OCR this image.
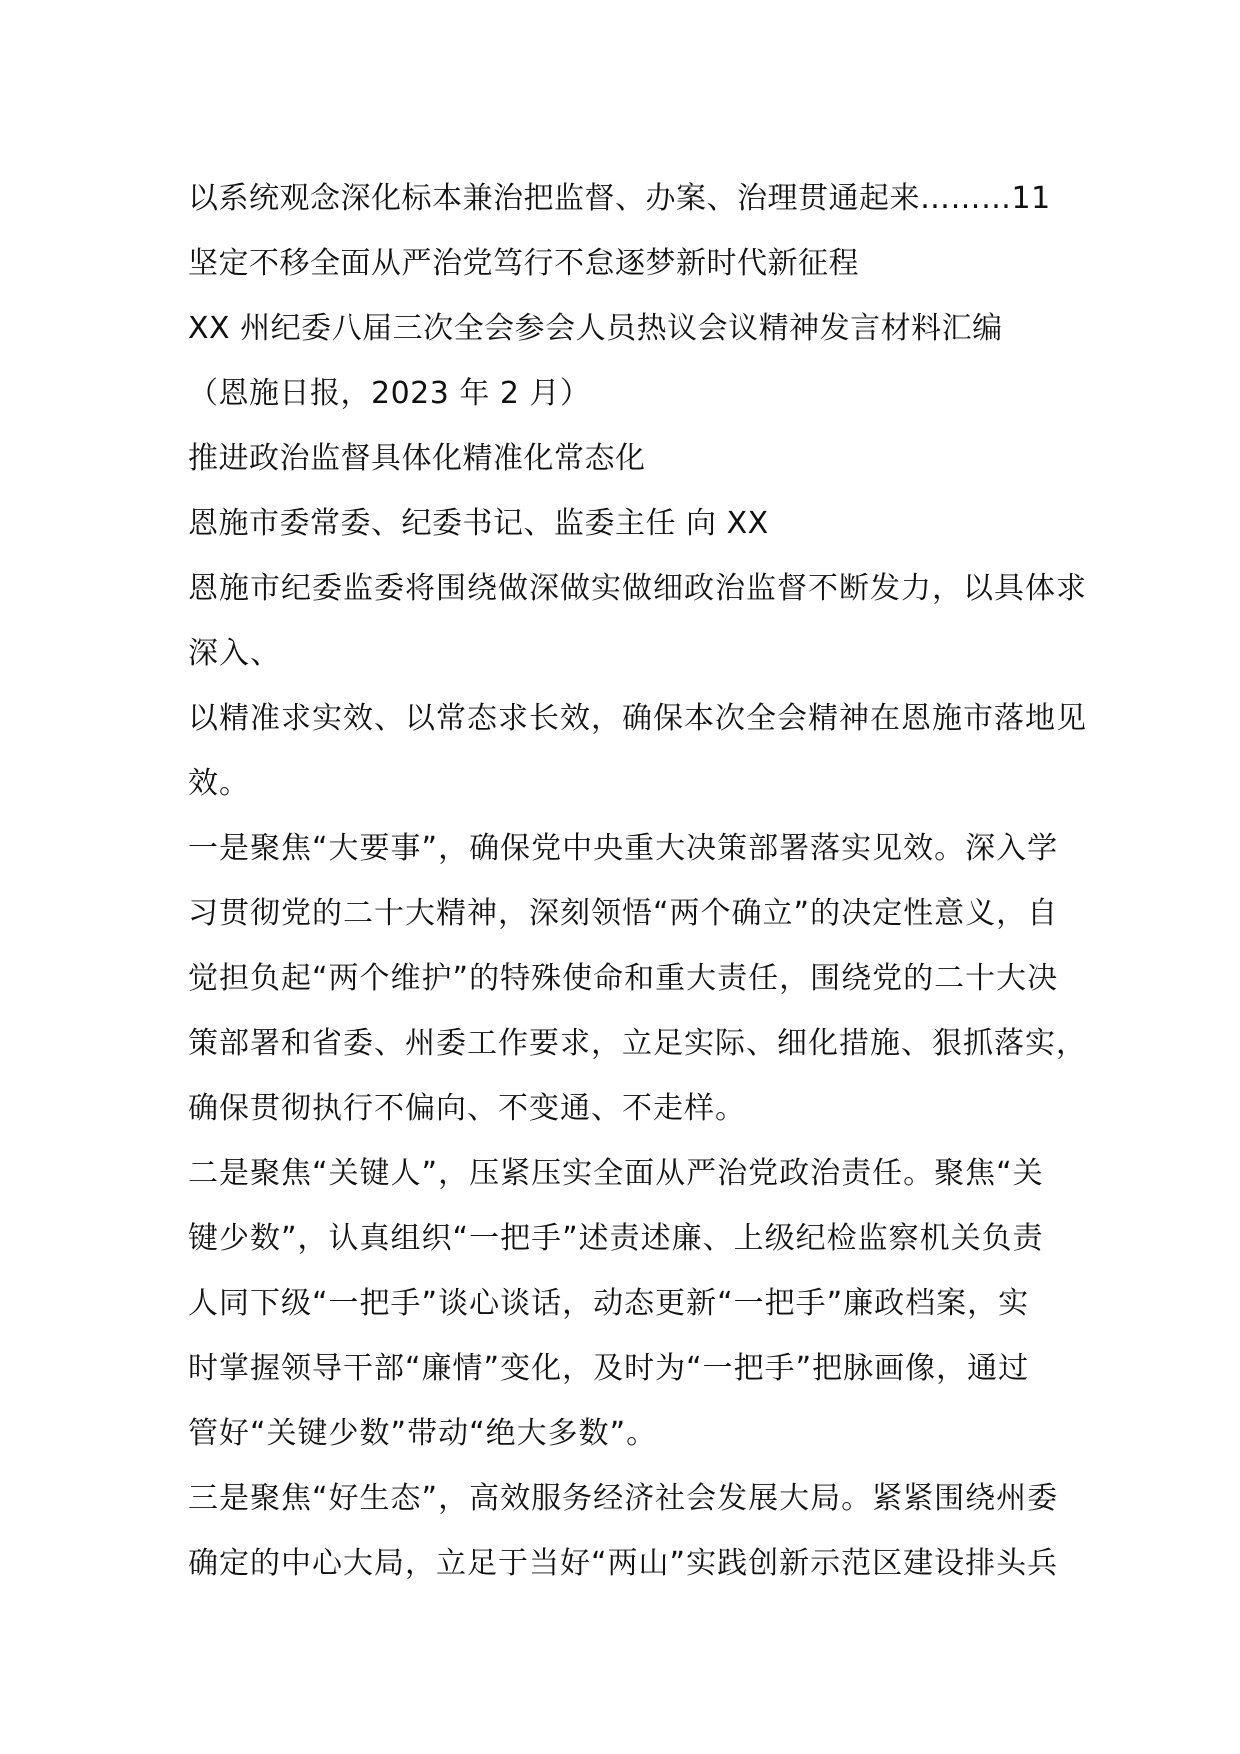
以系统观念深化标本兼治把监督、办案、治理贯通起来………11
坚定不移全面从严治党笃行不怠逐梦新时代新征程
XX 州纪委八届三次全会参会人员热议会议精神发言材料汇编
（恩施日报，2023 年 2 月）
推进政治监督具体化精准化常态化
恩施市委常委、纪委书记、监委主任 向 XX
恩施市纪委监委将围绕做深做实做细政治监督不断发力，以具体求
深入、
以精准求实效、以常态求长效，确保本次全会精神在恩施市落地见
效。
一是聚焦“大要事”，确保党中央重大决策部署落实见效。深入学
习贯彻党的二十大精神，深刻领悟“两个确立”的决定性意义，自
觉担负起“两个维护”的特殊使命和重大责任，围绕党的二十大决
策部署和省委、州委工作要求，立足实际、细化措施、狠抓落实，
确保贯彻执行不偏向、不变通、不走样。
二是聚焦“关键人”，压紧压实全面从严治党政治责任。聚焦“关
键少数”，认真组织“一把手”述责述廉、上级纪检监察机关负责
人同下级“一把手”谈心谈话，动态更新“一把手”廉政档案，实
时掌握领导干部“廉情”变化，及时为“一把手”把脉画像，通过
管好“关键少数”带动“绝大多数”。
三是聚焦“好生态”，高效服务经济社会发展大局。紧紧围绕州委
确定的中心大局，立足于当好“两山”实践创新示范区建设排头兵
